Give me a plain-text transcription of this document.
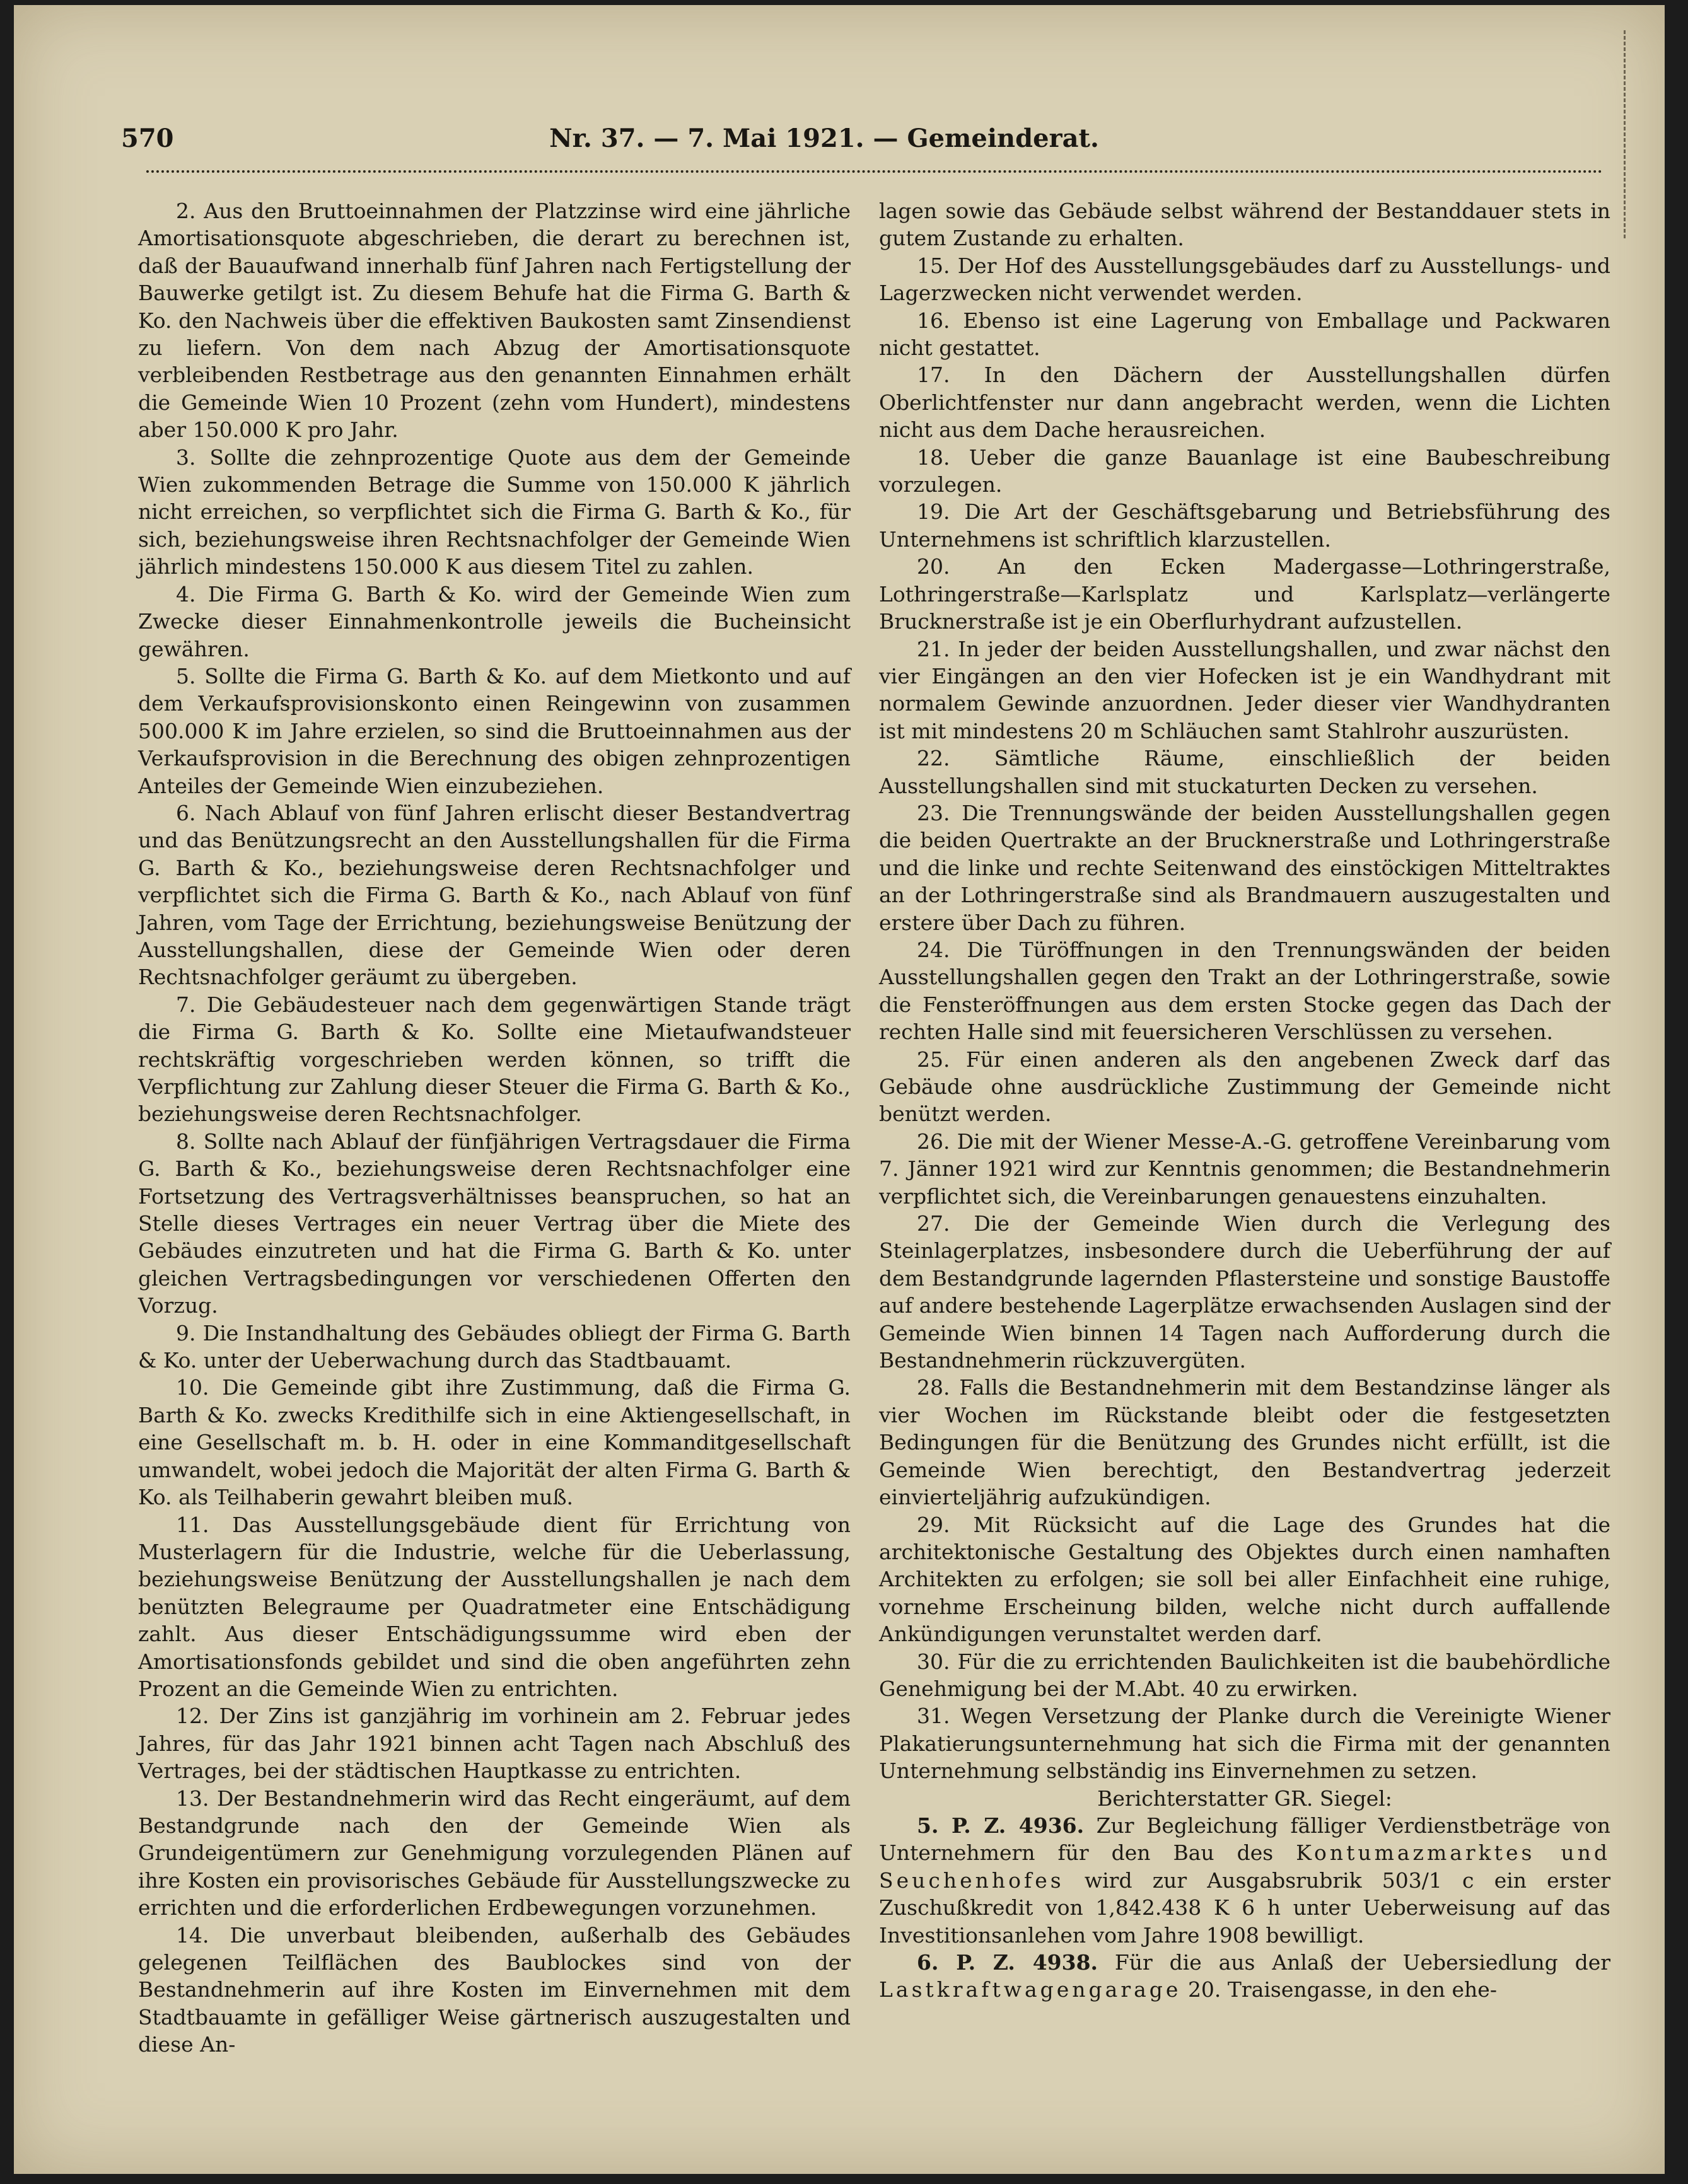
570	Nr. 37. — 7. Mai 1921. — Gemeinderat.

2. Aus den Bruttoeinnahmen der Platzzinse wird eine jährliche Amortisationsquote abgeschrieben, die derart zu berechnen ist, daß der Bauaufwand innerhalb fünf Jahren nach Fertigstellung der Bauwerke getilgt ist. Zu diesem Behufe hat die Firma G. Barth & Ko. den Nachweis über die effektiven Baukosten samt Zinsendienst zu liefern. Von dem nach Abzug der Amortisationsquote verbleibenden Restbetrage aus den genannten Einnahmen erhält die Gemeinde Wien 10 Prozent (zehn vom Hundert), mindestens aber 150.000 K pro Jahr.

3. Sollte die zehnprozentige Quote aus dem der Gemeinde Wien zukommenden Betrage die Summe von 150.000 K jährlich nicht erreichen, so verpflichtet sich die Firma G. Barth & Ko., für sich, beziehungsweise ihren Rechtsnachfolger der Gemeinde Wien jährlich mindestens 150.000 K aus diesem Titel zu zahlen.

4. Die Firma G. Barth & Ko. wird der Gemeinde Wien zum Zwecke dieser Einnahmenkontrolle jeweils die Bucheinsicht gewähren.

5. Sollte die Firma G. Barth & Ko. auf dem Mietkonto und auf dem Verkaufsprovisionskonto einen Reingewinn von zusammen 500.000 K im Jahre erzielen, so sind die Bruttoeinnahmen aus der Verkaufsprovision in die Berechnung des obigen zehnprozentigen Anteiles der Gemeinde Wien einzubeziehen.

6. Nach Ablauf von fünf Jahren erlischt dieser Bestandvertrag und das Benützungsrecht an den Ausstellungshallen für die Firma G. Barth & Ko., beziehungsweise deren Rechtsnachfolger und verpflichtet sich die Firma G. Barth & Ko., nach Ablauf von fünf Jahren, vom Tage der Errichtung, beziehungsweise Benützung der Ausstellungshallen, diese der Gemeinde Wien oder deren Rechtsnachfolger geräumt zu übergeben.

7. Die Gebäudesteuer nach dem gegenwärtigen Stande trägt die Firma G. Barth & Ko. Sollte eine Mietaufwandsteuer rechtskräftig vorgeschrieben werden können, so trifft die Verpflichtung zur Zahlung dieser Steuer die Firma G. Barth & Ko., beziehungsweise deren Rechtsnachfolger.

8. Sollte nach Ablauf der fünfjährigen Vertragsdauer die Firma G. Barth & Ko., beziehungsweise deren Rechtsnachfolger eine Fortsetzung des Vertragsverhältnisses beanspruchen, so hat an Stelle dieses Vertrages ein neuer Vertrag über die Miete des Gebäudes einzutreten und hat die Firma G. Barth & Ko. unter gleichen Vertragsbedingungen vor verschiedenen Offerten den Vorzug.

9. Die Instandhaltung des Gebäudes obliegt der Firma G. Barth & Ko. unter der Ueberwachung durch das Stadtbauamt.

10. Die Gemeinde gibt ihre Zustimmung, daß die Firma G. Barth & Ko. zwecks Kredithilfe sich in eine Aktiengesellschaft, in eine Gesellschaft m. b. H. oder in eine Kommanditgesellschaft umwandelt, wobei jedoch die Majorität der alten Firma G. Barth & Ko. als Teilhaberin gewahrt bleiben muß.

11. Das Ausstellungsgebäude dient für Errichtung von Musterlagern für die Industrie, welche für die Ueberlassung, beziehungsweise Benützung der Ausstellungshallen je nach dem benützten Belegraume per Quadratmeter eine Entschädigung zahlt. Aus dieser Entschädigungssumme wird eben der Amortisationsfonds gebildet und sind die oben angeführten zehn Prozent an die Gemeinde Wien zu entrichten.

12. Der Zins ist ganzjährig im vorhinein am 2. Februar jedes Jahres, für das Jahr 1921 binnen acht Tagen nach Abschluß des Vertrages, bei der städtischen Hauptkasse zu entrichten.

13. Der Bestandnehmerin wird das Recht eingeräumt, auf dem Bestandgrunde nach den der Gemeinde Wien als Grundeigentümern zur Genehmigung vorzulegenden Plänen auf ihre Kosten ein provisorisches Gebäude für Ausstellungszwecke zu errichten und die erforderlichen Erdbewegungen vorzunehmen.

14. Die unverbaut bleibenden, außerhalb des Gebäudes gelegenen Teilflächen des Baublockes sind von der Bestandnehmerin auf ihre Kosten im Einvernehmen mit dem Stadtbauamte in gefälliger Weise gärtnerisch auszugestalten und diese An-

lagen sowie das Gebäude selbst während der Bestanddauer stets in gutem Zustande zu erhalten.

15. Der Hof des Ausstellungsgebäudes darf zu Ausstellungs- und Lagerzwecken nicht verwendet werden.

16. Ebenso ist eine Lagerung von Emballage und Packwaren nicht gestattet.

17. In den Dächern der Ausstellungshallen dürfen Oberlichtfenster nur dann angebracht werden, wenn die Lichten nicht aus dem Dache herausreichen.

18. Ueber die ganze Bauanlage ist eine Baubeschreibung vorzulegen.

19. Die Art der Geschäftsgebarung und Betriebsführung des Unternehmens ist schriftlich klarzustellen.

20. An den Ecken Madergasse—Lothringerstraße, Lothringerstraße—Karlsplatz und Karlsplatz—verlängerte Brucknerstraße ist je ein Oberflurhydrant aufzustellen.

21. In jeder der beiden Ausstellungshallen, und zwar nächst den vier Eingängen an den vier Hofecken ist je ein Wandhydrant mit normalem Gewinde anzuordnen. Jeder dieser vier Wandhydranten ist mit mindestens 20 m Schläuchen samt Stahlrohr auszurüsten.

22. Sämtliche Räume, einschließlich der beiden Ausstellungshallen sind mit stuckaturten Decken zu versehen.

23. Die Trennungswände der beiden Ausstellungshallen gegen die beiden Quertrakte an der Brucknerstraße und Lothringerstraße und die linke und rechte Seitenwand des einstöckigen Mitteltraktes an der Lothringerstraße sind als Brandmauern auszugestalten und erstere über Dach zu führen.

24. Die Türöffnungen in den Trennungswänden der beiden Ausstellungshallen gegen den Trakt an der Lothringerstraße, sowie die Fensteröffnungen aus dem ersten Stocke gegen das Dach der rechten Halle sind mit feuersicheren Verschlüssen zu versehen.

25. Für einen anderen als den angebenen Zweck darf das Gebäude ohne ausdrückliche Zustimmung der Gemeinde nicht benützt werden.

26. Die mit der Wiener Messe-A.-G. getroffene Vereinbarung vom 7. Jänner 1921 wird zur Kenntnis genommen; die Bestandnehmerin verpflichtet sich, die Vereinbarungen genauestens einzuhalten.

27. Die der Gemeinde Wien durch die Verlegung des Steinlagerplatzes, insbesondere durch die Ueberführung der auf dem Bestandgrunde lagernden Pflastersteine und sonstige Baustoffe auf andere bestehende Lagerplätze erwachsenden Auslagen sind der Gemeinde Wien binnen 14 Tagen nach Aufforderung durch die Bestandnehmerin rückzuvergüten.

28. Falls die Bestandnehmerin mit dem Bestandzinse länger als vier Wochen im Rückstande bleibt oder die festgesetzten Bedingungen für die Benützung des Grundes nicht erfüllt, ist die Gemeinde Wien berechtigt, den Bestandvertrag jederzeit einvierteljährig aufzukündigen.

29. Mit Rücksicht auf die Lage des Grundes hat die architektonische Gestaltung des Objektes durch einen namhaften Architekten zu erfolgen; sie soll bei aller Einfachheit eine ruhige, vornehme Erscheinung bilden, welche nicht durch auffallende Ankündigungen verunstaltet werden darf.

30. Für die zu errichtenden Baulichkeiten ist die baubehördliche Genehmigung bei der M.Abt. 40 zu erwirken.

31. Wegen Versetzung der Planke durch die Vereinigte Wiener Plakatierungsunternehmung hat sich die Firma mit der genannten Unternehmung selbständig ins Einvernehmen zu setzen.

Berichterstatter GR. Siegel:

5. P. Z. 4936. Zur Begleichung fälliger Verdienstbeträge von Unternehmern für den Bau des Kontumazmarktes und Seuchenhofes wird zur Ausgabsrubrik 503/1 c ein erster Zuschußkredit von 1,842.438 K 6 h unter Ueberweisung auf das Investitionsanlehen vom Jahre 1908 bewilligt.

6. P. Z. 4938. Für die aus Anlaß der Uebersiedlung der Lastkraftwagengarage 20. Traisengasse, in den ehe-
